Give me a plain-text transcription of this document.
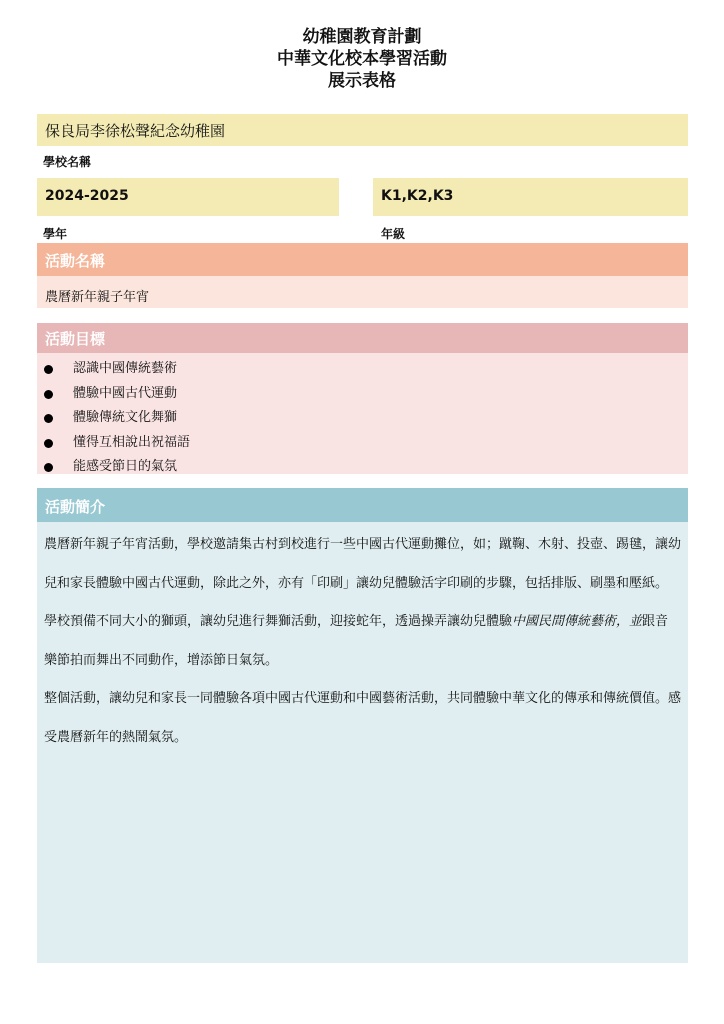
幼稚園教育計劃
中華文化校本學習活動
展示表格
保良局李徐松聲紀念幼稚園
學校名稱
2024-2025
學年
K1,K2,K3
年級
活動名稱
農曆新年親子年宵
活動目標
認識中國傳統藝術
體驗中國古代運動
體驗傳統文化舞獅
懂得互相說出祝福語
能感受節日的氣氛
活動簡介

農曆新年親子年宵活動，學校邀請集古村到校進行一些中國古代運動攤位，如；蹴鞠、木射、投壺、踢毽，讓幼兒和家長體驗中國古代運動，除此之外，亦有「印刷」讓幼兒體驗活字印刷的步驟，包括排版、刷墨和壓紙。

學校預備不同大小的獅頭，讓幼兒進行舞獅活動，迎接蛇年，透過操弄讓幼兒體驗中國民間傳統藝術，並跟音樂節拍而舞出不同動作，增添節日氣氛。

整個活動，讓幼兒和家長一同體驗各項中國古代運動和中國藝術活動，共同體驗中華文化的傳承和傳統價值。感受農曆新年的熱鬧氣氛。
